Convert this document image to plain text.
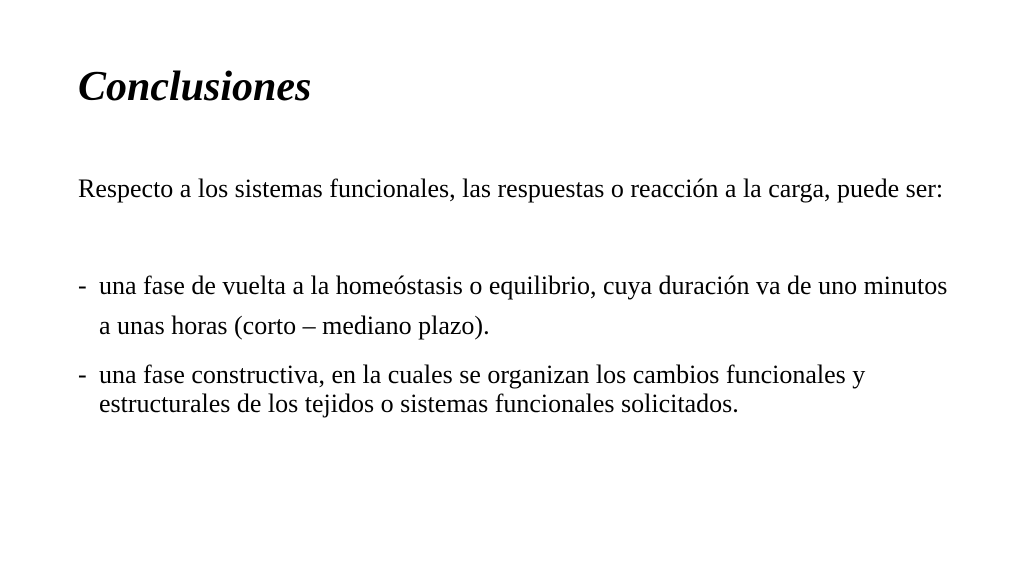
Conclusiones

Respecto a los sistemas funcionales, las respuestas o reacción a la carga, puede ser:

- una fase de vuelta a la homeóstasis o equilibrio, cuya duración va de uno minutos a unas horas (corto – mediano plazo).
- una fase constructiva, en la cuales se organizan los cambios funcionales y estructurales de los tejidos o sistemas funcionales solicitados.
